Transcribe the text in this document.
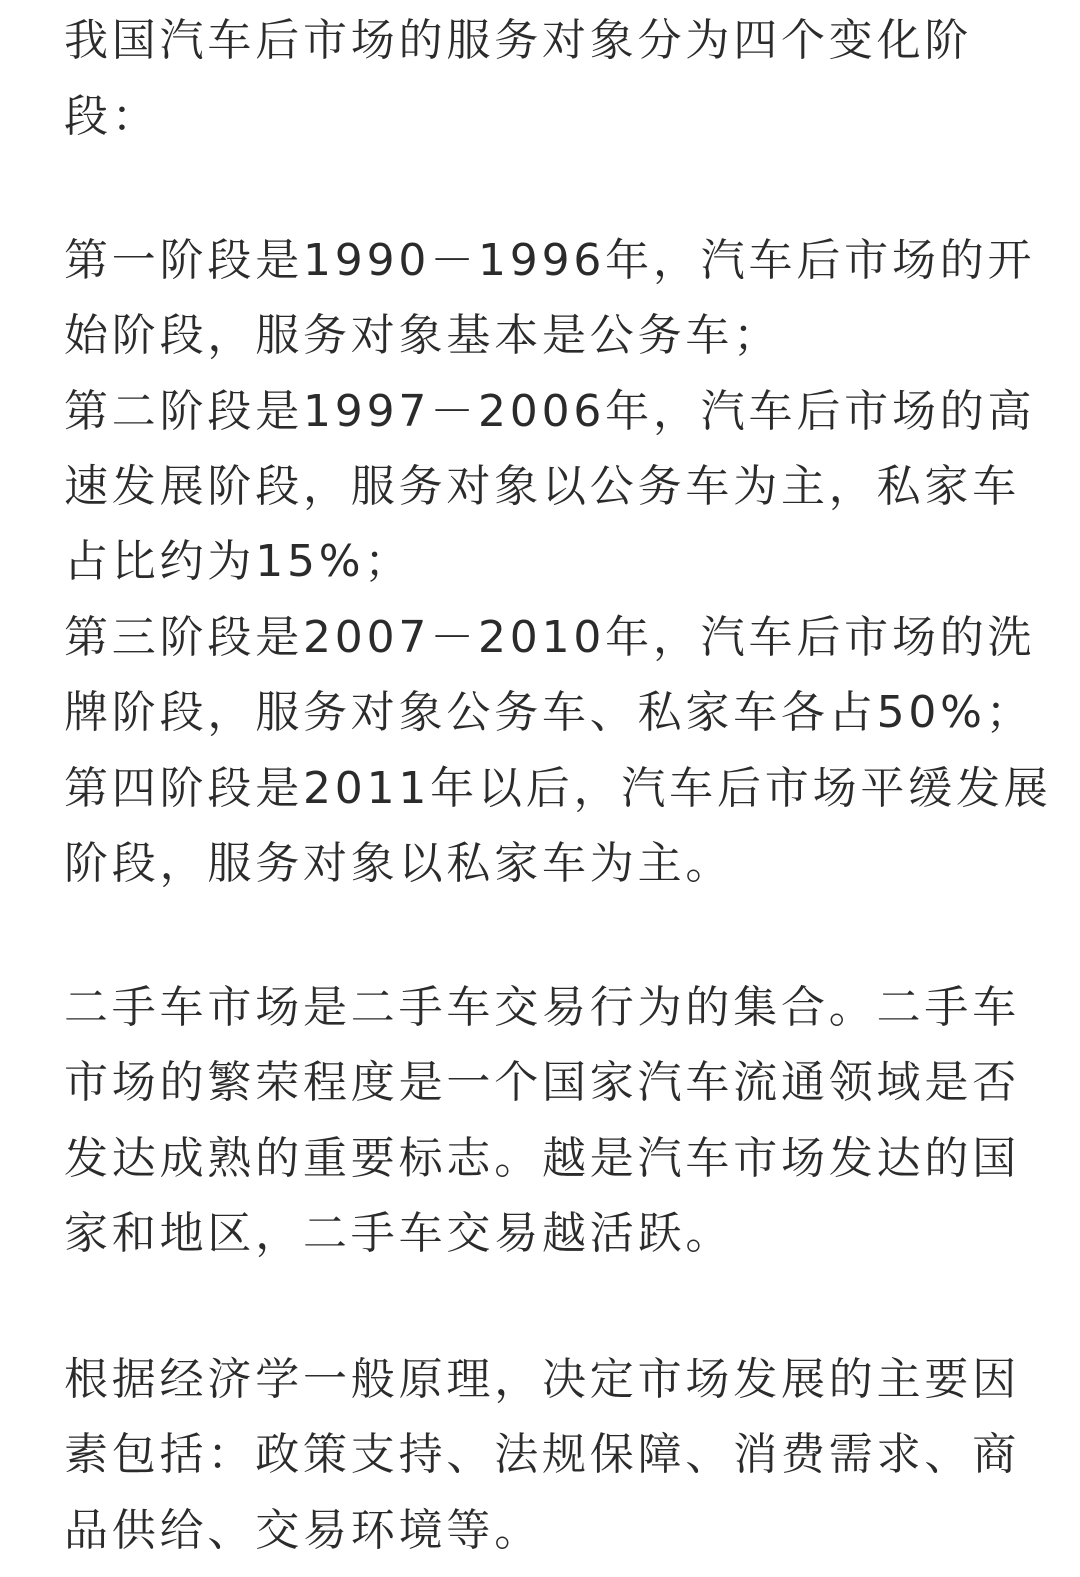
我国汽车后市场的服务对象分为四个变化阶
段：
第一阶段是1990－1996年，汽车后市场的开
始阶段，服务对象基本是公务车；
第二阶段是1997－2006年，汽车后市场的高
速发展阶段，服务对象以公务车为主，私家车
占比约为15%；
第三阶段是2007－2010年，汽车后市场的洗
牌阶段，服务对象公务车、私家车各占50%；
第四阶段是2011年以后，汽车后市场平缓发展
阶段，服务对象以私家车为主。
二手车市场是二手车交易行为的集合。二手车
市场的繁荣程度是一个国家汽车流通领域是否
发达成熟的重要标志。越是汽车市场发达的国
家和地区，二手车交易越活跃。
根据经济学一般原理，决定市场发展的主要因
素包括：政策支持、法规保障、消费需求、商
品供给、交易环境等。
